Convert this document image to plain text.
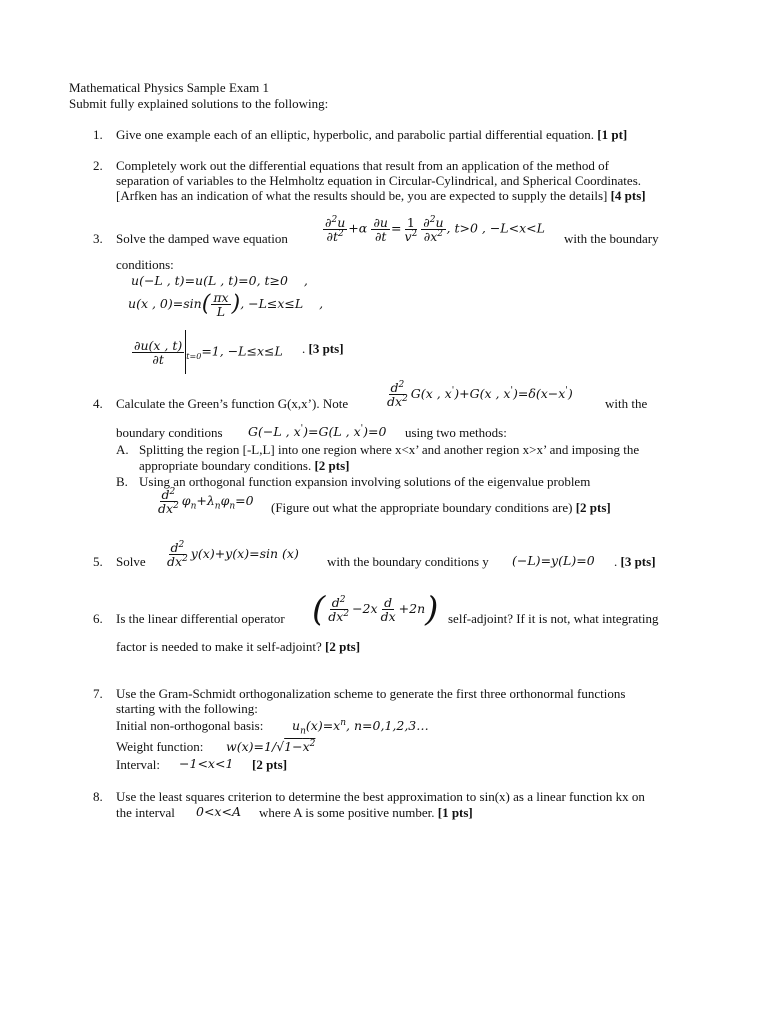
Mathematical Physics Sample Exam 1
Submit fully explained solutions to the following:
1. Give one example each of an elliptic, hyperbolic, and parabolic partial differential equation. [1 pt]
2. Completely work out the differential equations that result from an application of the method of
separation of variables to the Helmholtz equation in Circular-Cylindrical, and Spherical Coordinates.
[Arfken has an indication of what the results should be, you are expected to supply the details] [4 pts]
3. Solve the damped wave equation	$\frac{\partial^2u}{\partial t^2} +\alpha \frac{\partial u}{\partial t} = \frac{1}{v^2} \frac{\partial^2u}{\partial x^2}$ , t>0 , −L<x<L
with the boundary
conditions:
u(−L , t)=u(L , t)=0, t≥0    ,
u(x , $0)=\sin( \frac{\pi x}{L}$ ), −L≤x≤L    ,
$\frac{\partial u(x , t)}{\partial t} _{t=0}=1$, −L≤x≤L . [3 pts]
4. Calculate the Green’s function G(x,x’). Note	$\frac{d^2}{dx^2} G(x$ , x')+G(x , x')=δ(x−x')
with the
boundary conditions G(−L , x')=G(L , x')=0 using two methods:
A. Splitting the region [-L,L] into one region where x<x’ and another region x>x’ and imposing the
appropriate boundary conditions. [2 pts]
B. Using an orthogonal function expansion involving solutions of the eigenvalue problem
$\frac{d^2}{dx^2} \varphi_n+\lambda_n\varphi_n=0$ (Figure out what the appropriate boundary conditions are) [2 pts]
5. Solve $\frac{d^2}{dx^2} y(x)+y(x)=\sin$ (x)
with the boundary conditions y (−L)=y(L)=0 . [3 pts]
6. Is the linear differential operator ( $\frac{d^2}{dx^2} -2x \frac{d}{dx} +2n$) self-adjoint? If it is not, what integrating
factor is needed to make it self-adjoint? [2 pts]
7. Use the Gram-Schmidt orthogonalization scheme to generate the first three orthonormal functions
starting with the following:
Initial non-orthogonal basis: $u_n(x)=x^n$, n=0,1,2,3…
Weight function: $w(x)=1/√1-x^2$
Interval: −1<x<1 [2 pts]
8. Use the least squares criterion to determine the best approximation to sin(x) as a linear function kx on
the interval 0<x<A where A is some positive number. [1 pts]
